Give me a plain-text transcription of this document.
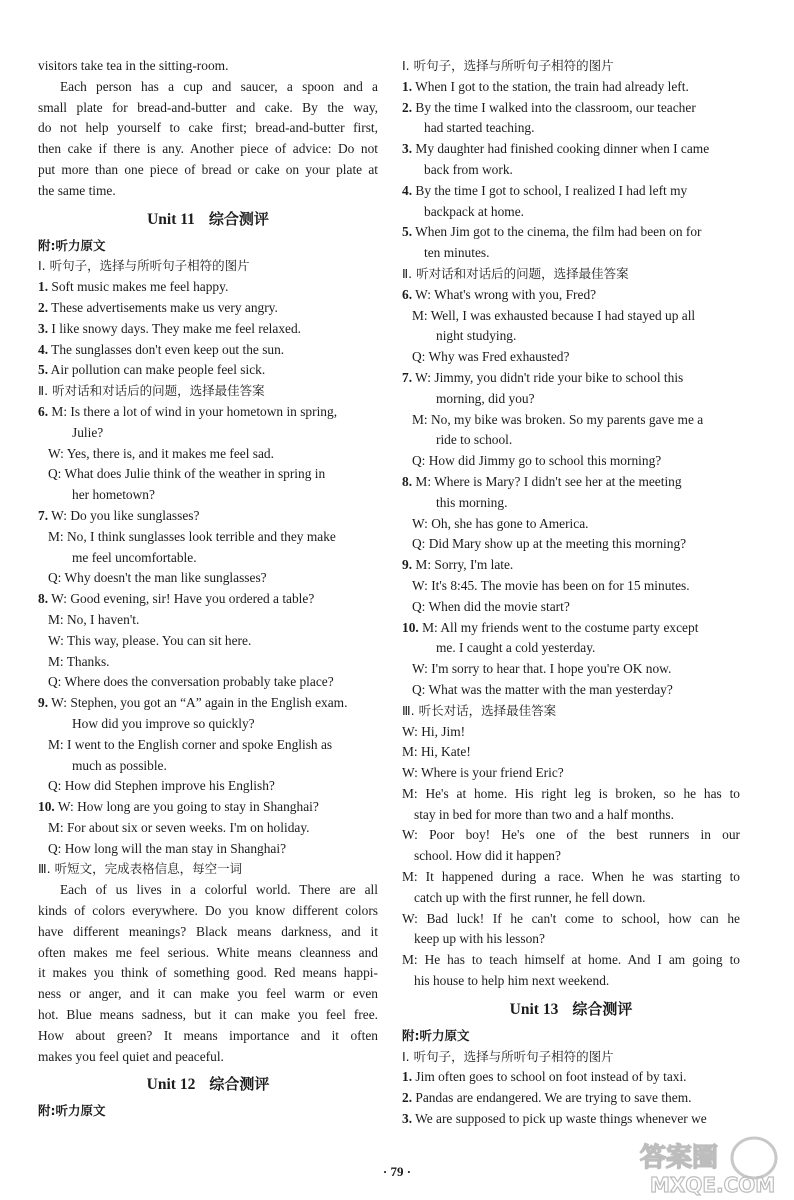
visitors take tea in the sitting-room.
Each person has a cup and saucer, a spoon and a
small plate for bread-and-butter and cake. By the way,
do not help yourself to cake first; bread-and-butter first,
then cake if there is any. Another piece of advice: Do not
put more than one piece of bread or cake on your plate at
the same time.
Unit 11 综合测评
附:听力原文
Ⅰ. 听句子，选择与所听句子相符的图片
1. Soft music makes me feel happy.
2. These advertisements make us very angry.
3. I like snowy days. They make me feel relaxed.
4. The sunglasses don't even keep out the sun.
5. Air pollution can make people feel sick.
Ⅱ. 听对话和对话后的问题，选择最佳答案
6. M: Is there a lot of wind in your hometown in spring,
Julie?
W: Yes, there is, and it makes me feel sad.
Q: What does Julie think of the weather in spring in
her hometown?
7. W: Do you like sunglasses?
M: No, I think sunglasses look terrible and they make
me feel uncomfortable.
Q: Why doesn't the man like sunglasses?
8. W: Good evening, sir! Have you ordered a table?
M: No, I haven't.
W: This way, please. You can sit here.
M: Thanks.
Q: Where does the conversation probably take place?
9. W: Stephen, you got an “A” again in the English exam.
How did you improve so quickly?
M: I went to the English corner and spoke English as
much as possible.
Q: How did Stephen improve his English?
10. W: How long are you going to stay in Shanghai?
M: For about six or seven weeks. I'm on holiday.
Q: How long will the man stay in Shanghai?
Ⅲ. 听短文，完成表格信息，每空一词
Each of us lives in a colorful world. There are all
kinds of colors everywhere. Do you know different colors
have different meanings? Black means darkness, and it
often makes me feel serious. White means cleanness and
it makes you think of something good. Red means happi-
ness or anger, and it can make you feel warm or even
hot. Blue means sadness, but it can make you feel free.
How about green? It means importance and it often
makes you feel quiet and peaceful.
Unit 12 综合测评
附:听力原文
Ⅰ. 听句子，选择与所听句子相符的图片
1. When I got to the station, the train had already left.
2. By the time I walked into the classroom, our teacher
had started teaching.
3. My daughter had finished cooking dinner when I came
back from work.
4. By the time I got to school, I realized I had left my
backpack at home.
5. When Jim got to the cinema, the film had been on for
ten minutes.
Ⅱ. 听对话和对话后的问题，选择最佳答案
6. W: What's wrong with you, Fred?
M: Well, I was exhausted because I had stayed up all
night studying.
Q: Why was Fred exhausted?
7. W: Jimmy, you didn't ride your bike to school this
morning, did you?
M: No, my bike was broken. So my parents gave me a
ride to school.
Q: How did Jimmy go to school this morning?
8. M: Where is Mary? I didn't see her at the meeting
this morning.
W: Oh, she has gone to America.
Q: Did Mary show up at the meeting this morning?
9. M: Sorry, I'm late.
W: It's 8:45. The movie has been on for 15 minutes.
Q: When did the movie start?
10. M: All my friends went to the costume party except
me. I caught a cold yesterday.
W: I'm sorry to hear that. I hope you're OK now.
Q: What was the matter with the man yesterday?
Ⅲ. 听长对话，选择最佳答案
W: Hi, Jim!
M: Hi, Kate!
W: Where is your friend Eric?
M: He's at home. His right leg is broken, so he has to
stay in bed for more than two and a half months.
W: Poor boy! He's one of the best runners in our
school. How did it happen?
M: It happened during a race. When he was starting to
catch up with the first runner, he fell down.
W: Bad luck! If he can't come to school, how can he
keep up with his lesson?
M: He has to teach himself at home. And I am going to
his house to help him next weekend.
Unit 13 综合测评
附:听力原文
Ⅰ. 听句子，选择与所听句子相符的图片
1. Jim often goes to school on foot instead of by taxi.
2. Pandas are endangered. We are trying to save them.
3. We are supposed to pick up waste things whenever we
· 79 ·	答案圈
MXQE.COM
